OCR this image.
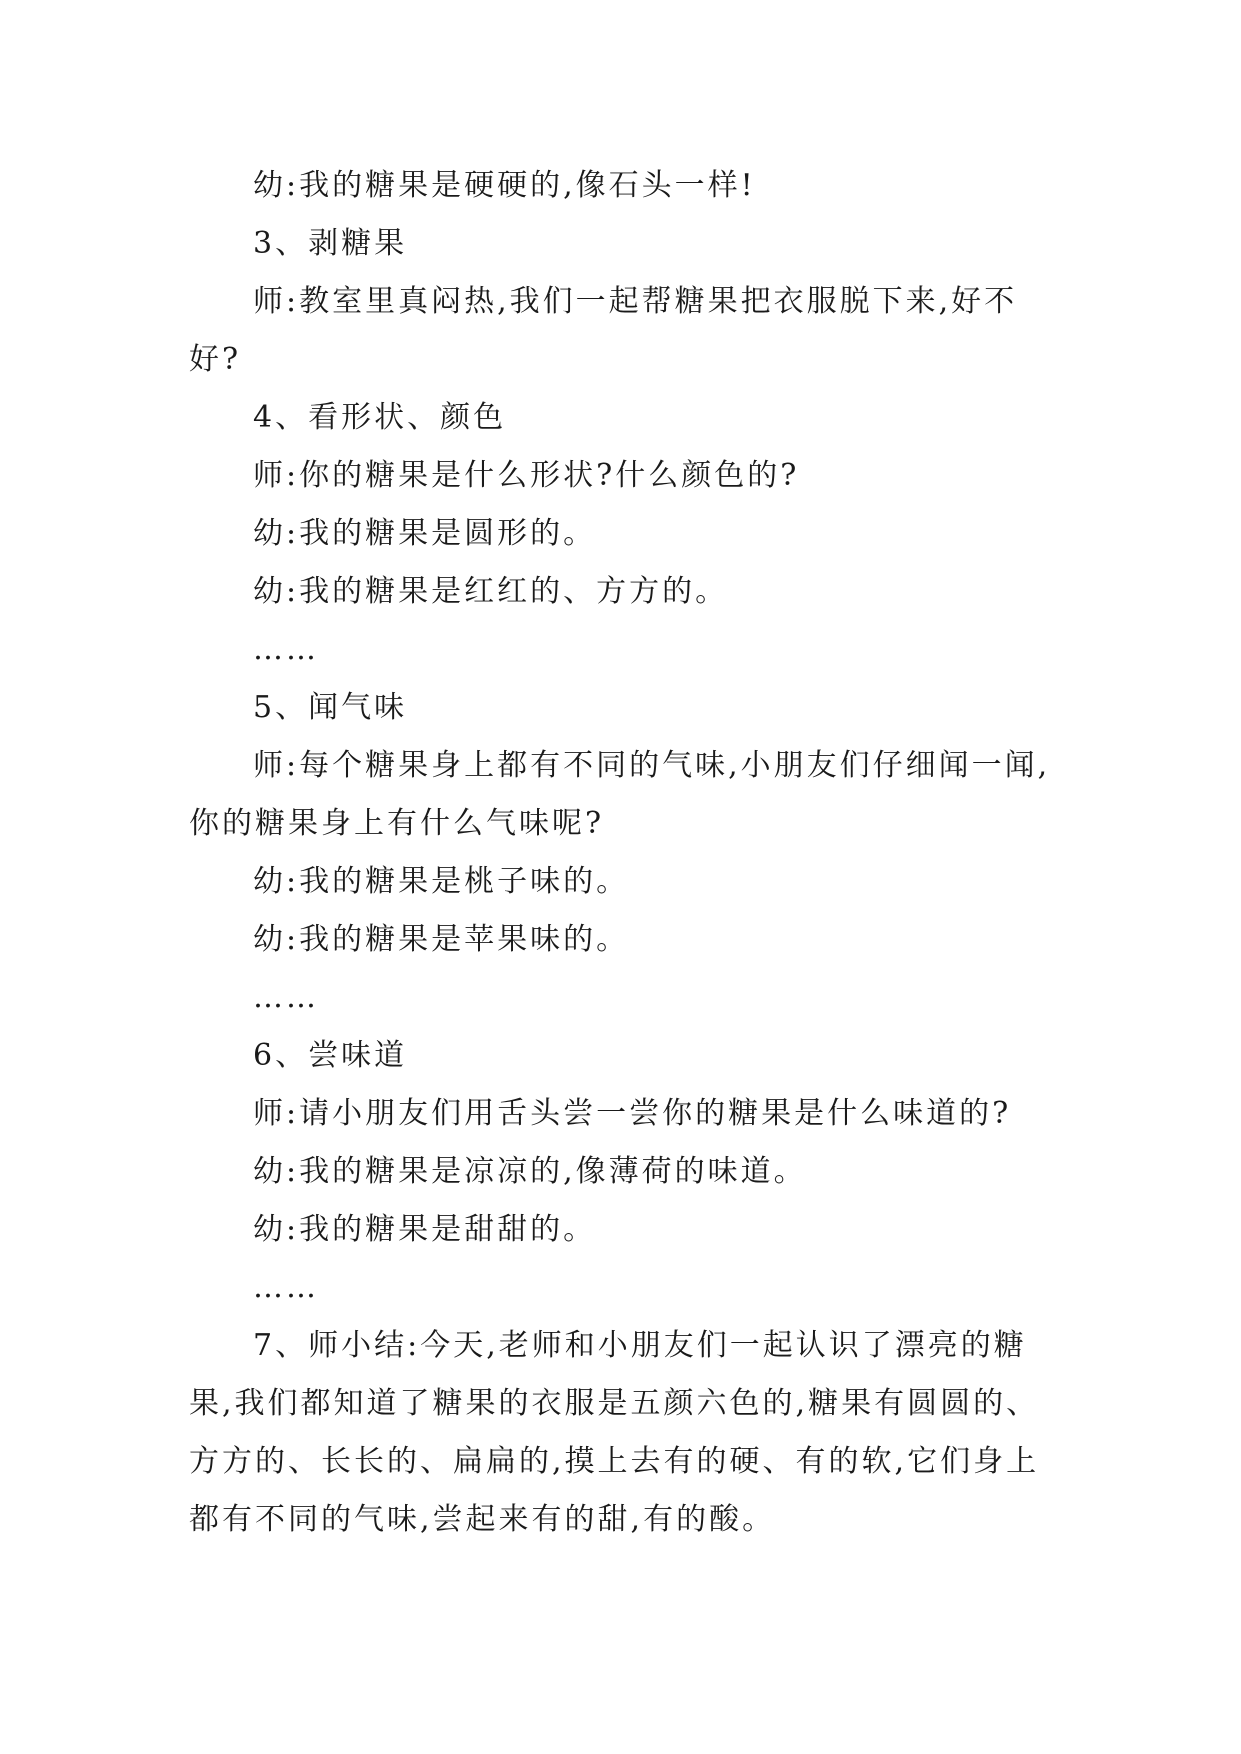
幼:我的糖果是硬硬的,像石头一样!

3、剥糖果

师:教室里真闷热,我们一起帮糖果把衣服脱下来,好不好?

4、看形状、颜色

师:你的糖果是什么形状?什么颜色的?

幼:我的糖果是圆形的。

幼:我的糖果是红红的、方方的。

……

5、闻气味

师:每个糖果身上都有不同的气味,小朋友们仔细闻一闻,你的糖果身上有什么气味呢?

幼:我的糖果是桃子味的。

幼:我的糖果是苹果味的。

……

6、尝味道

师:请小朋友们用舌头尝一尝你的糖果是什么味道的?

幼:我的糖果是凉凉的,像薄荷的味道。

幼:我的糖果是甜甜的。

……

7、师小结:今天,老师和小朋友们一起认识了漂亮的糖果,我们都知道了糖果的衣服是五颜六色的,糖果有圆圆的、方方的、长长的、扁扁的,摸上去有的硬、有的软,它们身上都有不同的气味,尝起来有的甜,有的酸。
